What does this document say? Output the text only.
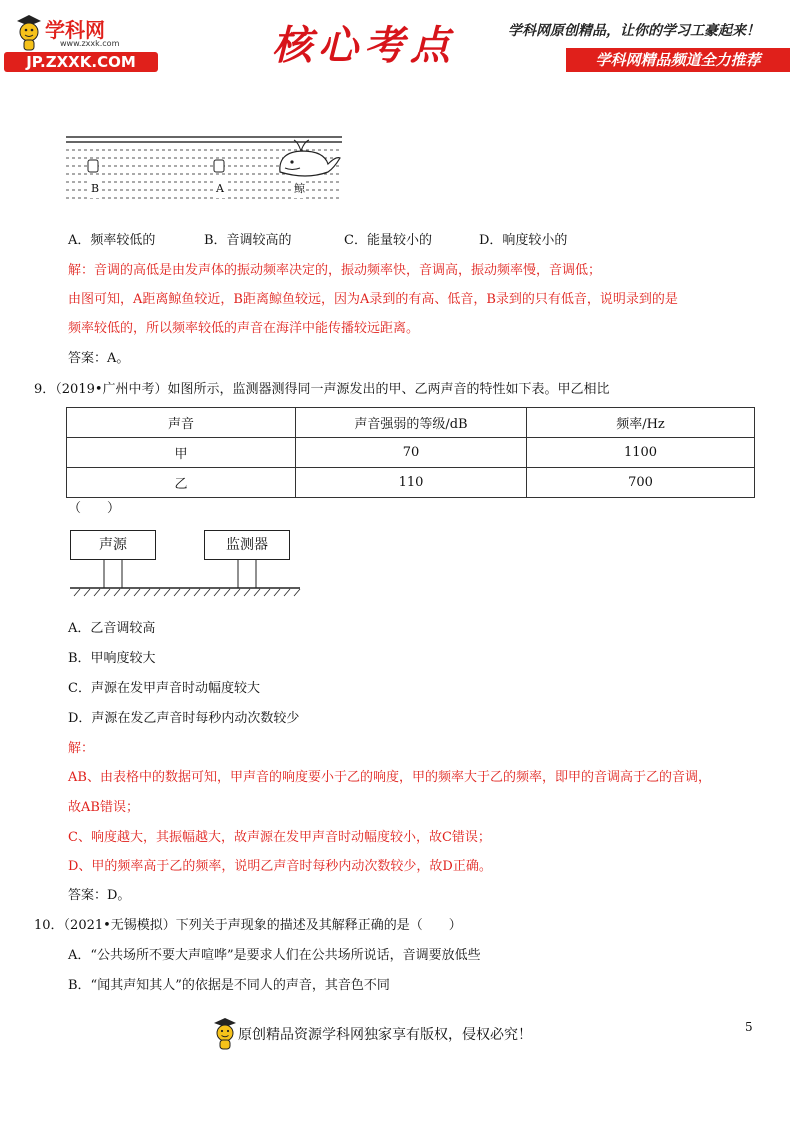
学科网
www.zxxk.com
JP.ZXXK.COM	核心考点	学科网原创精品，让你的学习工豪起来！
学科网精品频道全力推荐
B	A	鲸
A．频率较低的	B．音调较高的	C．能量较小的	D．响度较小的
解：音调的高低是由发声体的振动频率决定的，振动频率快，音调高，振动频率慢，音调低；
由图可知，A距离鲸鱼较近，B距离鲸鱼较远，因为A录到的有高、低音，B录到的只有低音，说明录到的是
频率较低的，所以频率较低的声音在海洋中能传播较远距离。
答案：A。
9．（2019•广州中考）如图所示，监测器测得同一声源发出的甲、乙两声音的特性如下表。甲乙相比
声音	声音强弱的等级/dB	频率/Hz
甲	70	1100
乙	110	700
（　　）
声源	监测器
A．乙音调较高
B．甲响度较大
C．声源在发甲声音时动幅度较大
D．声源在发乙声音时每秒内动次数较少
解：
AB、由表格中的数据可知，甲声音的响度要小于乙的响度，甲的频率大于乙的频率，即甲的音调高于乙的音调，
故AB错误；
C、响度越大，其振幅越大，故声源在发甲声音时动幅度较小，故C错误；
D、甲的频率高于乙的频率，说明乙声音时每秒内动次数较少，故D正确。
答案：D。
10．（2021•无锡模拟）下列关于声现象的描述及其解释正确的是（　　）
A．“公共场所不要大声喧哗”是要求人们在公共场所说话，音调要放低些
B．“闻其声知其人”的依据是不同人的声音，其音色不同
原创精品资源学科网独家享有版权，侵权必究！	5
